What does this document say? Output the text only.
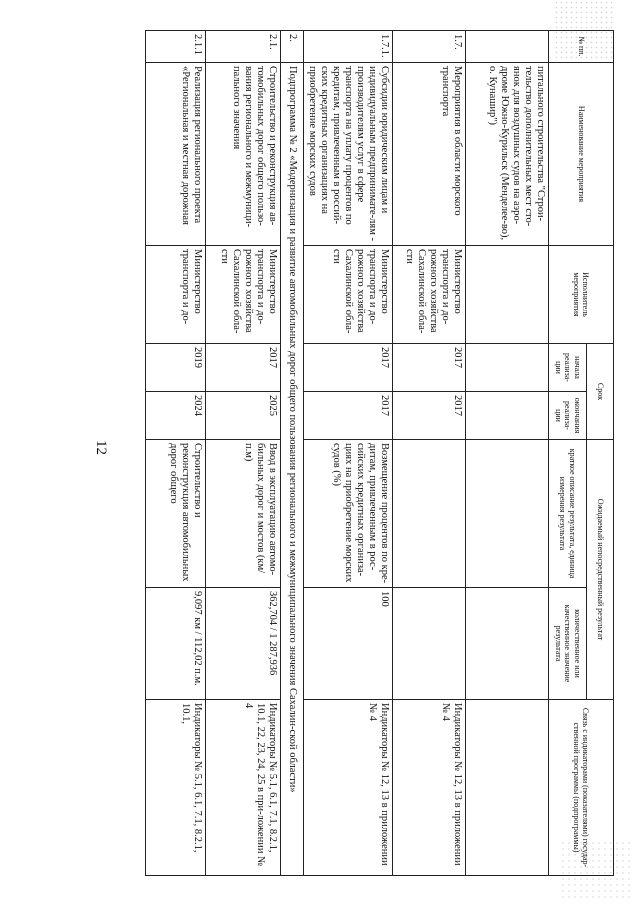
№ пп.	Наименование мероприятия	Исполнитель мероприятия	Срок		Ожидаемый непосредственный результат		Связь с индикаторами (показателями) государ-ственной программы (подпрограммы)
			начала реализа-ции	окончания реализа-ции	краткое описание результата, единица измерения результата	количественное или качественное значение результата	
	питального строительства "Строи-тельство дополнительных мест сто-янок для воздушных судов на аэро-дроме Южно-Курильск (Менделее-во), о. Кунашир")						
1.7.	Мероприятия в области морского транспорта	Министерство транспорта и до-рожного хозяйства Сахалинской обла-сти	2017	2017			Индикаторы № 12, 13 в приложении № 4
1.7.1.	Субсидии юридическим лицам и индивидуальным предпринимате-лям - производителям услуг в сфере транспорта на уплату процентов по кредитам, привлеченным в россий-ских кредитных организациях на приобретение морских судов	Министерство транспорта и до-рожного хозяйства Сахалинской обла-сти	2017	2017	Возмещение процентов по кре-дитам, привлеченным в рос-сийских кредитных организа-циях на приобретение морских судов (%)	100	Индикаторы № 12, 13 в приложении № 4
2.	Подпрограмма № 2 «Модернизация и развитие автомобильных дорог общего пользования регионального и межмуниципального значения Сахалин-ской области»						
2.1.	Строительство и реконструкция ав-томобильных дорог общего пользо-вания регионального и межмуници-пального значения	Министерство транспорта и до-рожного хозяйства Сахалинской обла-сти	2017	2025	Ввод в эксплуатацию автомо-бильных дорог и мостов (км/п.м)	362,704 / 1 287,936	Индикаторы № 5.1, 6.1, 7.1, 8.2.1, 10.1, 22, 23, 24, 25 в при-ложении № 4
2.1.1	Реализация регионального проекта «Региональная и местная дорожная	Министерство транспорта и до-	2019	2024	Строительство и реконструкция автомобильных дорог общего	9,097 км / 112,02 п.м.	Индикаторы № 5.1, 6.1, 7.1, 8.2.1, 10.1,
12
